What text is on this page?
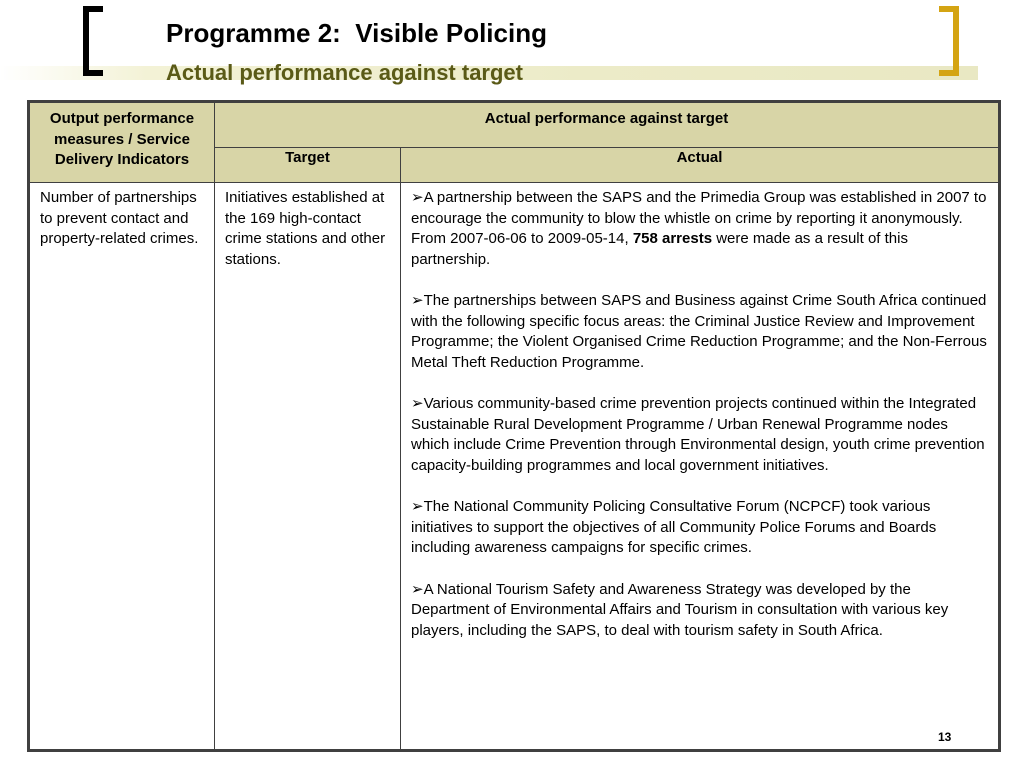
Programme 2:  Visible Policing
Actual performance against target
Output performance measures / Service Delivery Indicators	Actual performance against target	
	Target	Actual
Number of partnerships to prevent contact and property-related crimes.	Initiatives established at the 169 high-contact crime stations and other stations.	➢A partnership between the SAPS and the Primedia Group was established in 2007 to encourage the community to blow the whistle on crime by reporting it anonymously. From 2007-06-06 to 2009-05-14, 758 arrests were made as a result of this partnership.
➢The partnerships between SAPS and Business against Crime South Africa continued with the following specific focus areas: the Criminal Justice Review and Improvement Programme; the Violent Organised Crime Reduction Programme; and the Non-Ferrous Metal Theft Reduction Programme.
➢Various community-based crime prevention projects continued within the Integrated Sustainable Rural Development Programme / Urban Renewal Programme nodes which include Crime Prevention through Environmental design, youth crime prevention capacity-building programmes and local government initiatives.
➢The National Community Policing Consultative Forum (NCPCF) took various initiatives to support the objectives of all Community Police Forums and Boards including awareness campaigns for specific crimes.
➢A National Tourism Safety and Awareness Strategy was developed by the Department of Environmental Affairs and Tourism in consultation with various key players, including the SAPS, to deal with tourism safety in South Africa.
13
